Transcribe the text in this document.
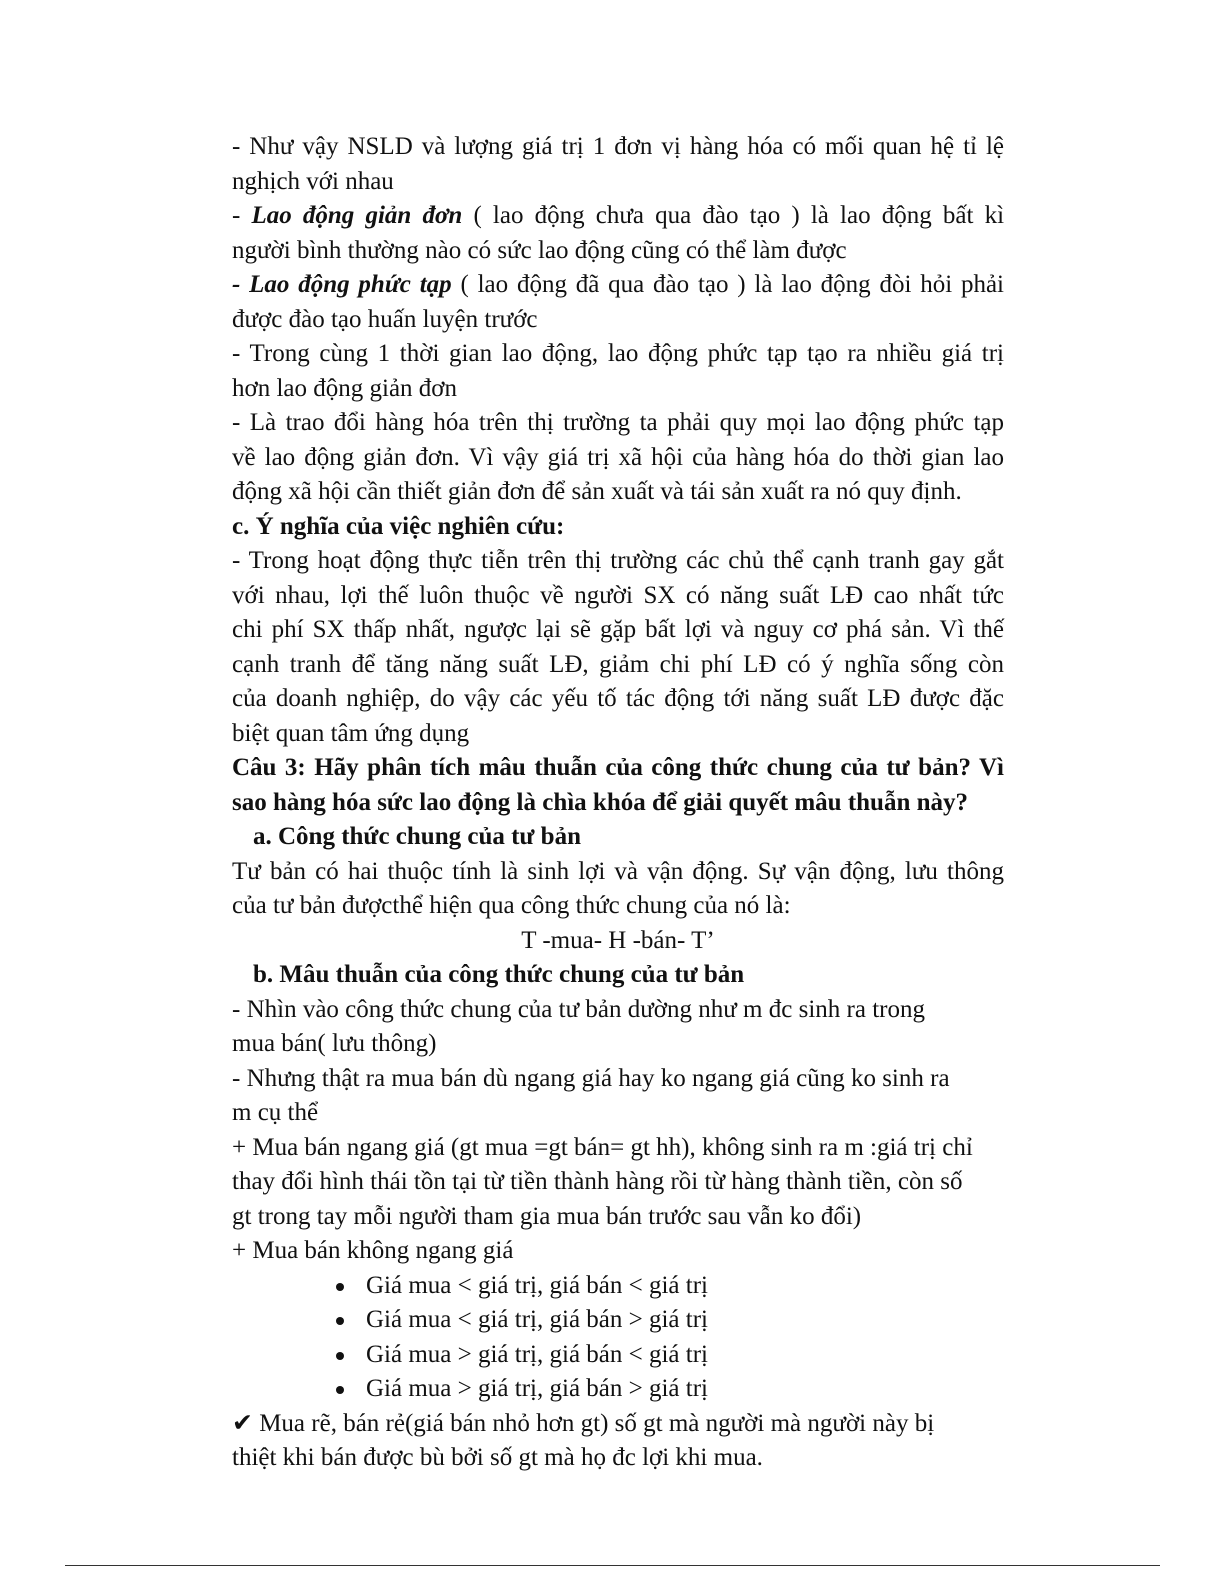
- Như vậy NSLD và lượng giá trị 1 đơn vị hàng hóa có mối quan hệ tỉ lệ
nghịch với nhau
- Lao động giản đơn ( lao động chưa qua đào tạo ) là lao động bất kì
người bình thường nào có sức lao động cũng có thể làm được
- Lao động phức tạp ( lao động đã qua đào tạo ) là lao động đòi hỏi phải
được đào tạo huấn luyện trước
- Trong cùng 1 thời gian lao động, lao động phức tạp tạo ra nhiều giá trị
hơn lao động giản đơn
- Là trao đổi hàng hóa trên thị trường ta phải quy mọi lao động phức tạp
về lao động giản đơn. Vì vậy giá trị xã hội của hàng hóa do thời gian lao
động xã hội cần thiết giản đơn để sản xuất và tái sản xuất ra nó quy định.
c. Ý nghĩa của việc nghiên cứu:
- Trong hoạt động thực tiễn trên thị trường các chủ thể cạnh tranh gay gắt
với nhau, lợi thế luôn thuộc về người SX có năng suất LĐ cao nhất tức
chi phí SX thấp nhất, ngược lại sẽ gặp bất lợi và nguy cơ phá sản. Vì thế
cạnh tranh để tăng năng suất LĐ, giảm chi phí LĐ có ý nghĩa sống còn
của doanh nghiệp, do vậy các yếu tố tác động tới năng suất LĐ được đặc
biệt quan tâm ứng dụng
Câu 3: Hãy phân tích mâu thuẫn của công thức chung của tư bản? Vì
sao hàng hóa sức lao động là chìa khóa để giải quyết mâu thuẫn này?
a. Công thức chung của tư bản
Tư bản có hai thuộc tính là sinh lợi và vận động. Sự vận động, lưu thông
của tư bản đượcthể hiện qua công thức chung của nó là:
T -mua- H -bán- T’
b. Mâu thuẫn của công thức chung của tư bản
- Nhìn vào công thức chung của tư bản dường như m đc sinh ra trong
mua bán( lưu thông)
- Nhưng thật ra mua bán dù ngang giá hay ko ngang giá cũng ko sinh ra
m cụ thể
+ Mua bán ngang giá (gt mua =gt bán= gt hh), không sinh ra m :giá trị chỉ
thay đổi hình thái tồn tại từ tiền thành hàng rồi từ hàng thành tiền, còn số
gt trong tay mỗi người tham gia mua bán trước sau vẫn ko đổi)
+ Mua bán không ngang giá
Giá mua < giá trị, giá bán < giá trị
Giá mua < giá trị, giá bán > giá trị
Giá mua > giá trị, giá bán < giá trị
Giá mua > giá trị, giá bán > giá trị
✔ Mua rẽ, bán rẻ(giá bán nhỏ hơn gt) số gt mà người mà người này bị
thiệt khi bán được bù bởi số gt mà họ đc lợi khi mua.
